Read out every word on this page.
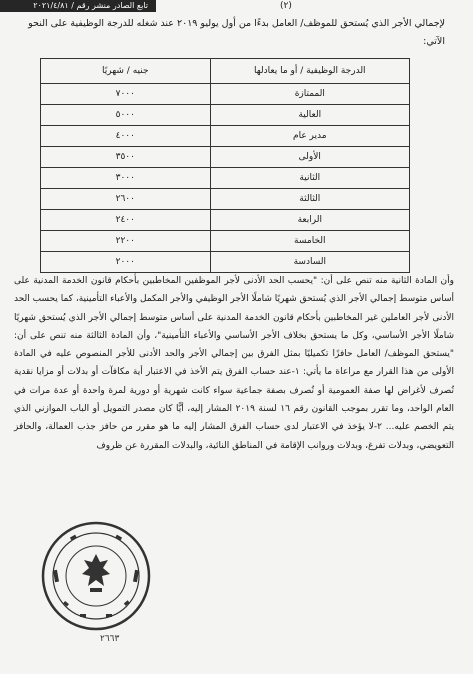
تابع الصادر منشر رقم / ٢٠٢١/٤/٨١	(٢)
لإجمالي الأجر الذي يُستحق للموظف/ العامل بدءًا من أول يوليو ٢٠١٩ عند شغله للدرجة الوظيفية على النحو الآتي:
الدرجة الوظيفية / أو ما يعادلها	جنيه / شهريًا
الممتازة	٧٠٠٠
العالية	٥٠٠٠
مدير عام	٤٠٠٠
الأولى	٣٥٠٠
الثانية	٣٠٠٠
الثالثة	٢٦٠٠
الرابعة	٢٤٠٠
الخامسة	٢٢٠٠
السادسة	٢٠٠٠

وأن المادة الثانية منه تنص على أن: "يحسب الحد الأدنى لأجر الموظفين المخاطبين بأحكام قانون الخدمة المدنية على أساس متوسط إجمالي الأجر الذي يُستحق شهريًا شاملًا الأجر الوظيفي والأجر المكمل والأعباء التأمينية، كما يحسب الحد الأدنى لأجر العاملين غير المخاطبين بأحكام قانون الخدمة المدنية على أساس متوسط إجمالي الأجر الذي يُستحق شهريًا شاملًا الأجر الأساسي، وكل ما يستحق بخلاف الأجر الأساسي والأعباء التأمينية"، وأن المادة الثالثة منه تنص على أن: "يستحق الموظف/ العامل حافزًا تكميليًا بمثل الفرق بين إجمالي الأجر والحد الأدنى للأجر المنصوص عليه في المادة الأولى من هذا القرار مع مراعاة ما يأتي: ١-عند حساب الفرق يتم الأخذ في الاعتبار أية مكافآت أو بدلات أو مزايا نقدية تُصرف لأغراض لها صفة العمومية أو تُصرف بصفة جماعية سواء كانت شهرية أو دورية لمرة واحدة أو عدة مرات في العام الواحد، وما تقرر بموجب القانون رقم ١٦ لسنة ٢٠١٩ المشار إليه، أيًّا كان مصدر التمويل أو الباب الموازني الذي يتم الخصم عليه... ٢-لا يؤخذ في الاعتبار لدى حساب الفرق المشار إليه ما هو مقرر من حافز جذب العمالة، والحافز التعويضي، وبدلات تفرغ، وبدلات وروانب الإقامة في المناطق النائية، والبدلات المقررة عن ظروف

٢٦٦٣
